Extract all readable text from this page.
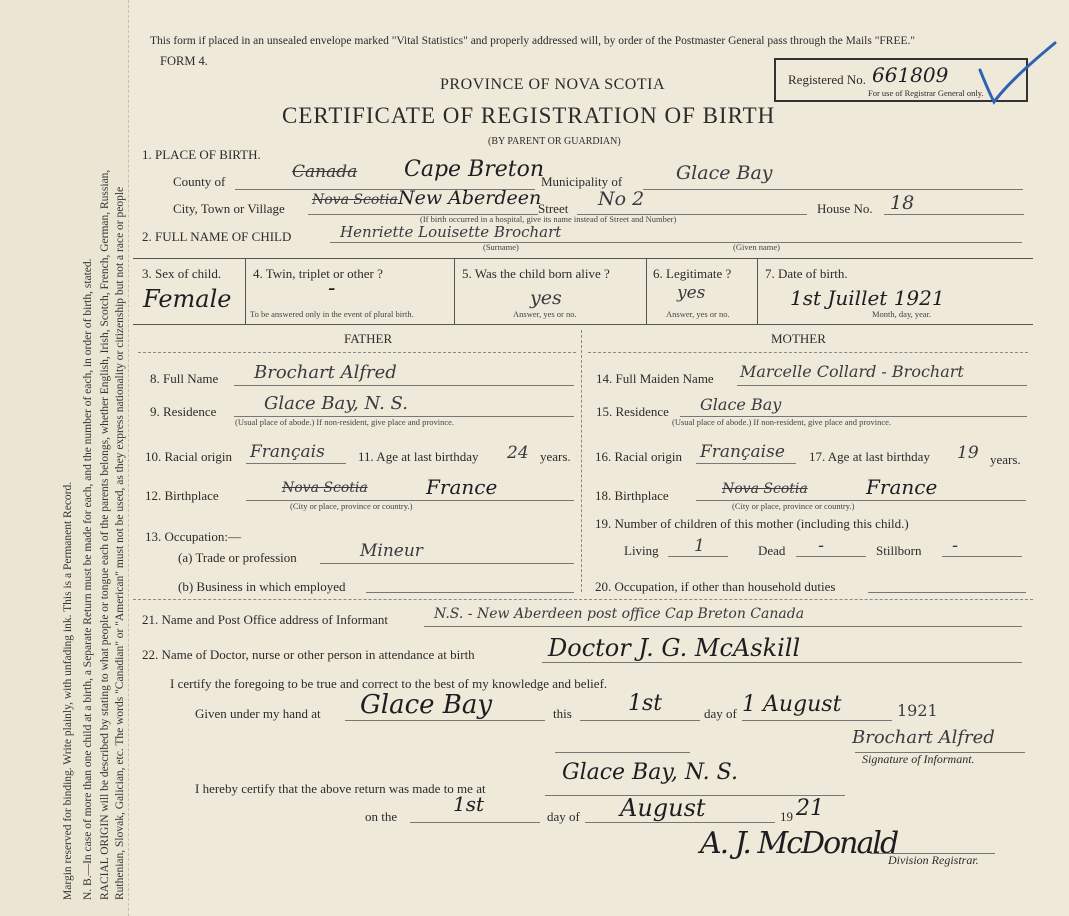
Margin reserved for binding. Write plainly, with unfading ink. This is a Permanent Record. N. B.—In case of more than one child at a birth, a Separate Return must be made for each, and the number of each, in order of birth, stated. RACIAL ORIGIN will be described by stating to what people or tongue each of the parents belongs, whether English, Irish, Scotch, French, German, Russian, Ruthenian, Slovak, Galician, etc. The words "Canadian" or "American" must not be used, as they express nationality or citizenship but not a race or people
This form if placed in an unsealed envelope marked "Vital Statistics" and properly addressed will, by order of the Postmaster General pass through the Mails "FREE."
FORM 4.
PROVINCE OF NOVA SCOTIA
CERTIFICATE OF REGISTRATION OF BIRTH
(BY PARENT OR GUARDIAN)
Registered No. 661809
For use of Registrar General only.
1. PLACE OF BIRTH.
County of	Canada Cape Breton
Municipality of	Glace Bay
City, Town or Village
Nova Scotia New Aberdeen
Street No 2
(If birth occurred in a hospital, give its name instead of Street and Number)
House No. 18
2. FULL NAME OF CHILD	Henriette Louisette Brochart
(Surname)	(Given name)
3. Sex of child.
Female
4. Twin, triplet or other ?
-
To be answered only in the event of plural birth.
5. Was the child born alive ?
yes
Answer, yes or no.
6. Legitimate ?
yes
Answer, yes or no.
7. Date of birth.
1st Juillet 1921
Month, day, year.
FATHER	MOTHER
8. Full Name Brochart Alfred
9. Residence	Glace Bay, N. S.
(Usual place of abode.) If non-resident, give place and province.
10. Racial origin Français	11. Age at last birthday 24 years.
12. Birthplace	Nova Scotia	France
(City or place, province or country.)
13. Occupation:—
(a) Trade or profession	Mineur
(b) Business in which employed
14. Full Maiden Name Marcelle Collard - Brochart
15. Residence Glace Bay
(Usual place of abode.) If non-resident, give place and province.
16. Racial origin Française 17. Age at last birthday 19 years.
18. Birthplace	Nova Scotia	France
(City or place, province or country.)
19. Number of children of this mother (including this child.)
Living 1	Dead -	Stillborn -
20. Occupation, if other than household duties
21. Name and Post Office address of Informant	N.S. - New Aberdeen post office Cap Breton Canada
22. Name of Doctor, nurse or other person in attendance at birth	Doctor J. G. McAskill
I certify the foregoing to be true and correct to the best of my knowledge and belief.
Given under my hand at Glace Bay	this	1st	day of 1 August	1921
Brochart Alfred
Signature of Informant.
I hereby certify that the above return was made to me at
Glace Bay, N. S.
on the
1st
day of August	19 21
A. J. McDonald
Division Registrar.
